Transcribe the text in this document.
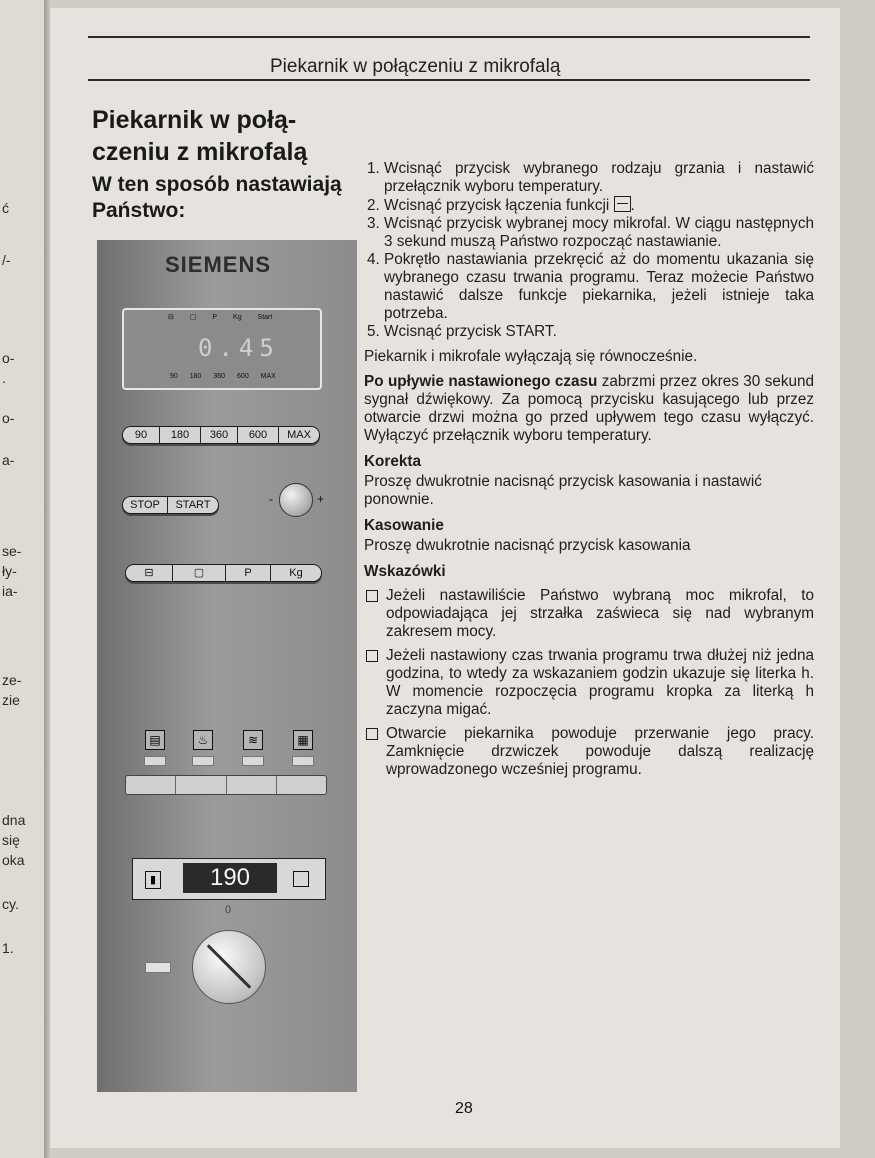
ć
/-
o-
.
o-
a-
se-
ły-
ia-
ze-
zie
dna
się
oka
cy.
1.
Piekarnik w połączeniu z mikrofalą
Piekarnik w połą-czeniu z mikrofalą
W ten sposób nastawiają Państwo:
SIEMENS
⊟ ▢ P Kg Start
0.45
90 180 360 600 MAX
90	180	360	600	MAX
STOP	START	-	+
⊟	▢	P	Kg
▤	♨	≋	▦
▮	190
0
1. Wcisnąć przycisk wybranego rodzaju grzania i nastawić przełącznik wyboru temperatury.
2. Wcisnąć przycisk łączenia funkcji .
3. Wcisnąć przycisk wybranej mocy mikrofal. W ciągu następnych 3 sekund muszą Państwo rozpocząć nastawianie.
4. Pokrętło nastawiania przekręcić aż do momentu ukazania się wybranego czasu trwania programu. Teraz możecie Państwo nastawić dalsze funkcje piekarnika, jeżeli istnieje taka potrzeba.
5. Wcisnąć przycisk START.

Piekarnik i mikrofale wyłączają się równocześnie.

Po upływie nastawionego czasu zabrzmi przez okres 30 sekund sygnał dźwiękowy. Za pomocą przycisku kasującego lub przez otwarcie drzwi można go przed upływem tego czasu wyłączyć. Wyłączyć przełącznik wyboru temperatury.

Korekta
Proszę dwukrotnie nacisnąć przycisk kasowania i nastawić ponownie.
Kasowanie
Proszę dwukrotnie nacisnąć przycisk kasowania
Wskazówki
Jeżeli nastawiliście Państwo wybraną moc mikrofal, to odpowiadająca jej strzałka zaświeca się nad wybranym zakresem mocy.
Jeżeli nastawiony czas trwania programu trwa dłużej niż jedna godzina, to wtedy za wskazaniem godzin ukazuje się literka h. W momencie rozpoczęcia programu kropka za literką h zaczyna migać.
Otwarcie piekarnika powoduje przerwanie jego pracy. Zamknięcie drzwiczek powoduje dalszą realizację wprowadzonego wcześniej programu.
28
